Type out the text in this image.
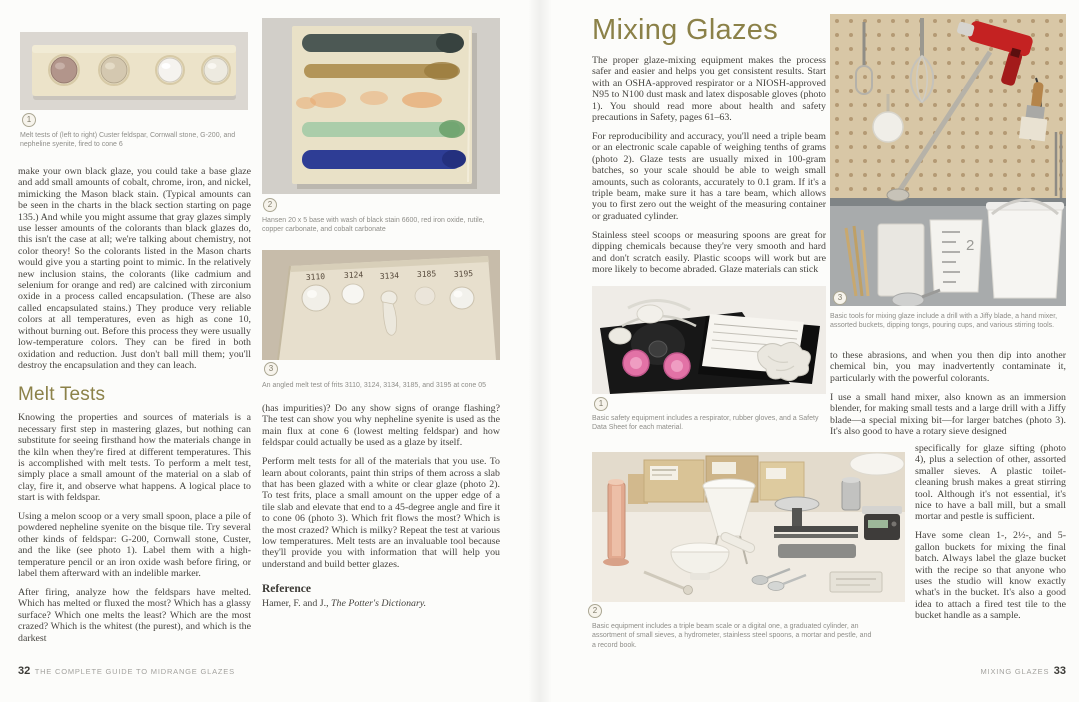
1
Melt tests of (left to right) Custer feldspar, Cornwall stone, G-200, and nepheline syenite, fired to cone 6

make your own black glaze, you could take a base glaze and add small amounts of cobalt, chrome, iron, and nickel, mimicking the Mason black stain. (Typical amounts can be seen in the charts in the black section starting on page 135.) And while you might assume that gray glazes simply use lesser amounts of the colorants than black glazes do, this isn't the case at all; we're talking about chemistry, not color theory! So the colorants listed in the Mason charts would give you a starting point to mimic. In the relatively new inclusion stains, the colorants (like cadmium and selenium for orange and red) are calcined with zirconium oxide in a process called encapsulation. (These are also called encapsulated stains.) They produce very reliable colors at all temperatures, even as high as cone 10, without burning out. Before this process they were usually low-temperature colors. They can be fired in both oxidation and reduction. Just don't ball mill them; you'll destroy the encapsulation and they can leach.

Melt Tests

Knowing the properties and sources of materials is a necessary first step in mastering glazes, but nothing can substitute for seeing firsthand how the materials change in the kiln when they're fired at different temperatures. This is accomplished with melt tests. To perform a melt test, simply place a small amount of the material on a slab of clay, fire it, and observe what happens. A logical place to start is with feldspar.

Using a melon scoop or a very small spoon, place a pile of powdered nepheline syenite on the bisque tile. Try several other kinds of feldspar: G-200, Cornwall stone, Custer, and the like (see photo 1). Label them with a high-temperature pencil or an iron oxide wash before firing, or label them afterward with an indelible marker.

After firing, analyze how the feldspars have melted. Which has melted or fluxed the most? Which has a glassy surface? Which one melts the least? Which are the most crazed? Which is the whitest (the purest), and which is the darkest

2
Hansen 20 x 5 base with wash of black stain 6600, red iron oxide, rutile, copper carbonate, and cobalt carbonate
3110 3124 3134 3185 3195
3
An angled melt test of frits 3110, 3124, 3134, 3185, and 3195 at cone 05

(has impurities)? Do any show signs of orange flashing? The test can show you why nepheline syenite is used as the main flux at cone 6 (lowest melting feldspar) and how feldspar could actually be used as a glaze by itself.

Perform melt tests for all of the materials that you use. To learn about colorants, paint thin strips of them across a slab that has been glazed with a white or clear glaze (photo 2). To test frits, place a small amount on the upper edge of a tile slab and elevate that end to a 45-degree angle and fire it to cone 06 (photo 3). Which frit flows the most? Which is the most crazed? Which is milky? Repeat the test at various low temperatures. Melt tests are an invaluable tool because they'll provide you with information that will help you understand and build better glazes.

Reference
Hamer, F. and J., The Potter's Dictionary.
32 THE COMPLETE GUIDE TO MIDRANGE GLAZES
Mixing Glazes

The proper glaze-mixing equipment makes the process safer and easier and helps you get consistent results. Start with an OSHA-approved respirator or a NIOSH-approved N95 to N100 dust mask and latex disposable gloves (photo 1). You should read more about health and safety precautions in Safety, pages 61–63.

For reproducibility and accuracy, you'll need a triple beam or an electronic scale capable of weighing tenths of grams (photo 2). Glaze tests are usually mixed in 100-gram batches, so your scale should be able to weigh small amounts, such as colorants, accurately to 0.1 gram. If it's a triple beam, make sure it has a tare beam, which allows you to first zero out the weight of the measuring container or graduated cylinder.

Stainless steel scoops or measuring spoons are great for dipping chemicals because they're very smooth and hard and don't scratch easily. Plastic scoops will work but are more likely to become abraded. Glaze materials can stick

1
Basic safety equipment includes a respirator, rubber gloves, and a Safety Data Sheet for each material.
2
Basic equipment includes a triple beam scale or a digital one, a graduated cylinder, an assortment of small sieves, a hydrometer, stainless steel spoons, a mortar and pestle, and a record book.
2
3
Basic tools for mixing glaze include a drill with a Jiffy blade, a hand mixer, assorted buckets, dipping tongs, pouring cups, and various stirring tools.

to these abrasions, and when you then dip into another chemical bin, you may inadvertently contaminate it, particularly with the powerful colorants.

I use a small hand mixer, also known as an immersion blender, for making small tests and a large drill with a Jiffy blade—a special mixing bit—for larger batches (photo 3). It's also good to have a rotary sieve designed

specifically for glaze sifting (photo 4), plus a selection of other, assorted smaller sieves. A plastic toilet-cleaning brush makes a great stirring tool. Although it's not essential, it's nice to have a ball mill, but a small mortar and pestle is sufficient.

Have some clean 1-, 2½-, and 5-gallon buckets for mixing the final batch. Always label the glaze bucket with the recipe so that anyone who uses the studio will know exactly what's in the bucket. It's also a good idea to attach a fired test tile to the bucket handle as a sample.

MIXING GLAZES 33
